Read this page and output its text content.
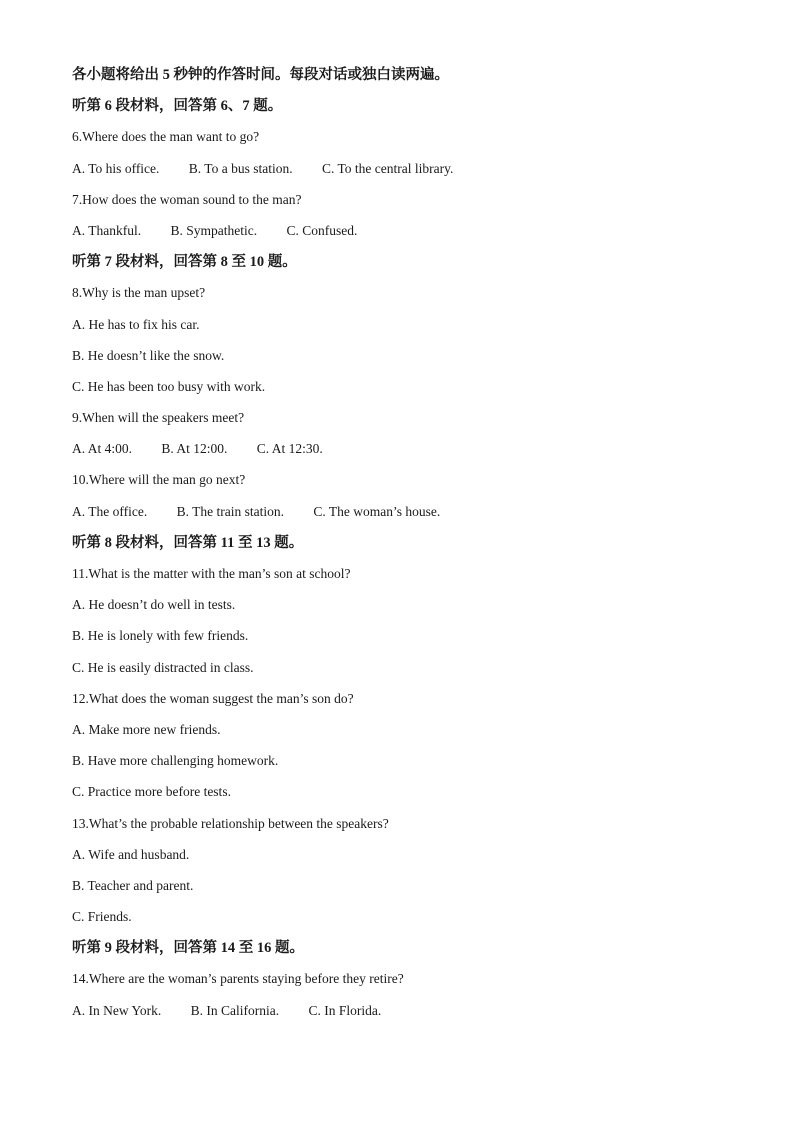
各小题将给出 5 秒钟的作答时间。每段对话或独白读两遍。
听第 6 段材料，回答第 6、7 题。
6.Where does the man want to go?
A. To his office. B. To a bus station. C. To the central library.
7.How does the woman sound to the man?
A. Thankful. B. Sympathetic. C. Confused.
听第 7 段材料，回答第 8 至 10 题。
8.Why is the man upset?
A. He has to fix his car.
B. He doesn’t like the snow.
C. He has been too busy with work.
9.When will the speakers meet?
A. At 4:00. B. At 12:00. C. At 12:30.
10.Where will the man go next?
A. The office. B. The train station. C. The woman’s house.
听第 8 段材料，回答第 11 至 13 题。
11.What is the matter with the man’s son at school?
A. He doesn’t do well in tests.
B. He is lonely with few friends.
C. He is easily distracted in class.
12.What does the woman suggest the man’s son do?
A. Make more new friends.
B. Have more challenging homework.
C. Practice more before tests.
13.What’s the probable relationship between the speakers?
A. Wife and husband.
B. Teacher and parent.
C. Friends.
听第 9 段材料，回答第 14 至 16 题。
14.Where are the woman’s parents staying before they retire?
A. In New York. B. In California. C. In Florida.
